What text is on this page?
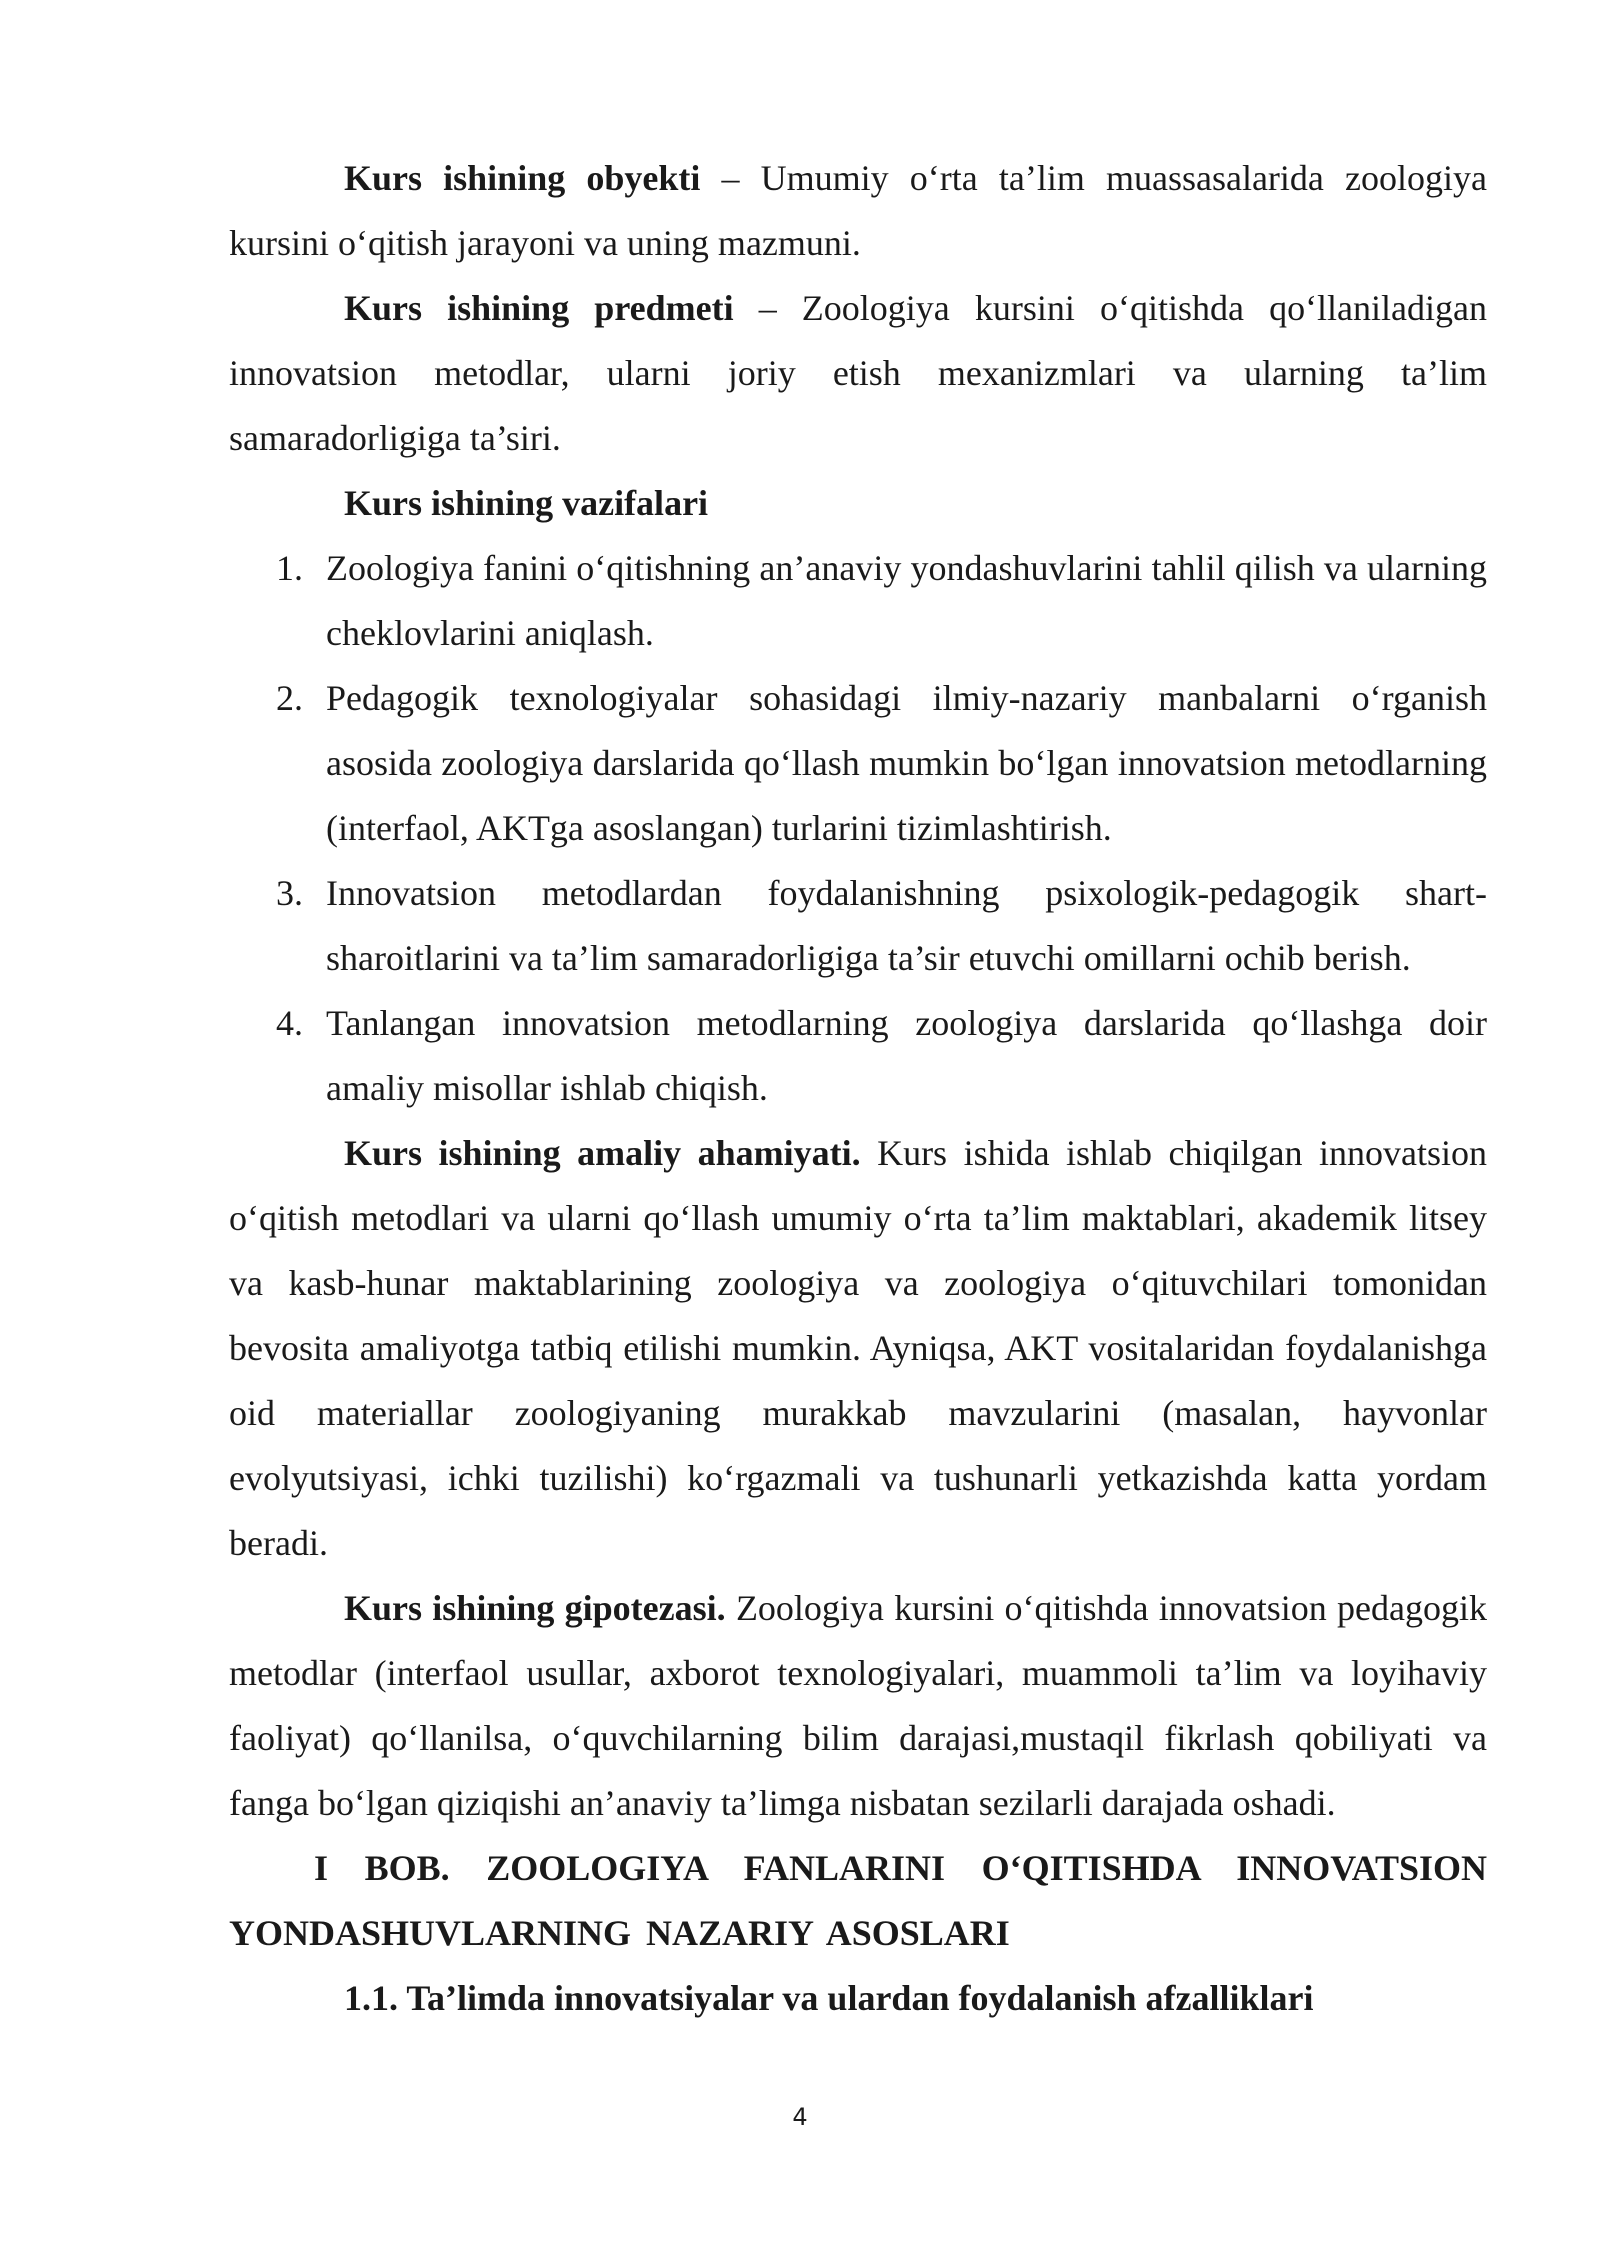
Kurs ishining obyekti – Umumiy o‘rta ta’lim muassasalarida zoologiya kursini o‘qitish jarayoni va uning mazmuni.

Kurs ishining predmeti – Zoologiya kursini o‘qitishda qo‘llaniladigan innovatsion metodlar, ularni joriy etish mexanizmlari va ularning ta’lim samaradorligiga ta’siri.

Kurs ishining vazifalari

1. Zoologiya fanini o‘qitishning an’anaviy yondashuvlarini tahlil qilish va ularning cheklovlarini aniqlash.
2. Pedagogik texnologiyalar sohasidagi ilmiy-nazariy manbalarni o‘rganish asosida zoologiya darslarida qo‘llash mumkin bo‘lgan innovatsion metodlarning (interfaol, AKTga asoslangan) turlarini tizimlashtirish.
3. Innovatsion metodlardan foydalanishning psixologik-pedagogik shart-sharoitlarini va ta’lim samaradorligiga ta’sir etuvchi omillarni ochib berish.
4. Tanlangan innovatsion metodlarning zoologiya darslarida qo‘llashga doir amaliy misollar ishlab chiqish.

Kurs ishining amaliy ahamiyati. Kurs ishida ishlab chiqilgan innovatsion o‘qitish metodlari va ularni qo‘llash umumiy o‘rta ta’lim maktablari, akademik litsey va kasb-hunar maktablarining zoologiya va zoologiya o‘qituvchilari tomonidan bevosita amaliyotga tatbiq etilishi mumkin. Ayniqsa, AKT vositalaridan foydalanishga oid materiallar zoologiyaning murakkab mavzularini (masalan, hayvonlar evolyutsiyasi, ichki tuzilishi) ko‘rgazmali va tushunarli yetkazishda katta yordam beradi.

Kurs ishining gipotezasi. Zoologiya kursini o‘qitishda innovatsion pedagogik metodlar (interfaol usullar, axborot texnologiyalari, muammoli ta’lim va loyihaviy faoliyat) qo‘llanilsa, o‘quvchilarning bilim darajasi,mustaqil fikrlash qobiliyati va fanga bo‘lgan qiziqishi an’anaviy ta’limga nisbatan sezilarli darajada oshadi.

I BOB. ZOOLOGIYA FANLARINI O‘QITISHDA INNOVATSION YONDASHUVLARNING NAZARIY ASOSLARI

1.1. Ta’limda innovatsiyalar va ulardan foydalanish afzalliklari

4
